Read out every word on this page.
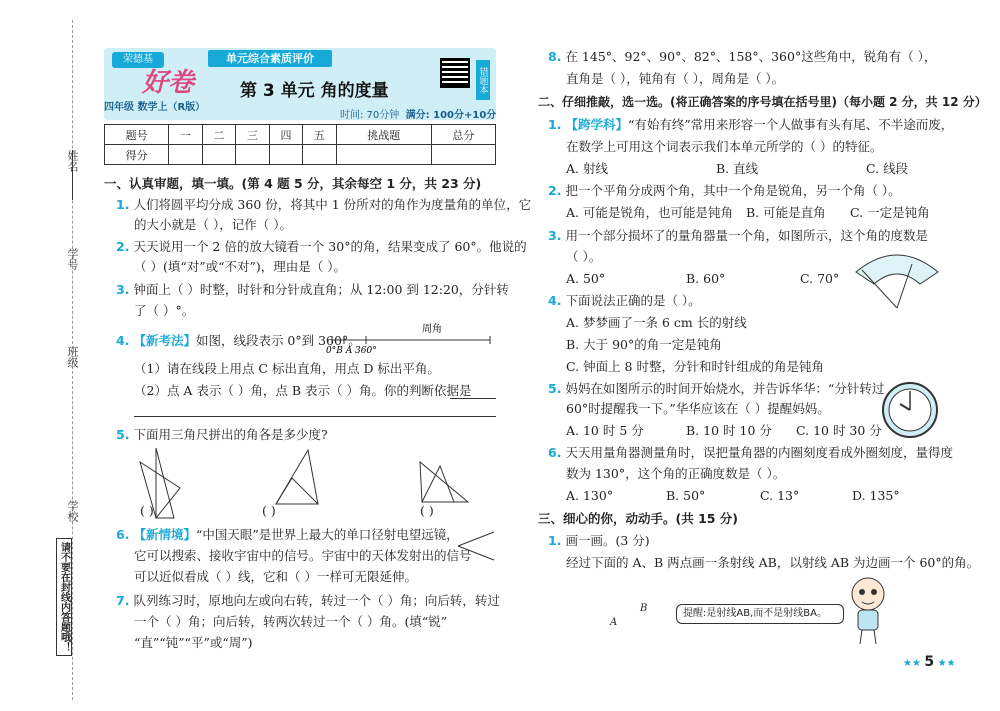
姓名
学号
班级
学校
请不要在封线内答题哦！
荣德基
好卷
四年级 数学上（R版）
单元综合素质评价
第 3 单元 角的度量
时间: 70分钟 满分: 100分+10分
错题本
题号	一	二	三	四	五	挑战题	总分
得分							
一、认真审题，填一填。(第 4 题 5 分，其余每空 1 分，共 23 分)
1. 人们将圆平均分成 360 份，将其中 1 份所对的角作为度量角的单位，它
的大小就是（ ），记作（ ）。
2. 天天说用一个 2 倍的放大镜看一个 30°的角，结果变成了 60°。他说的
（ ）(填“对”或“不对”)，理由是（ ）。
3. 钟面上（ ）时整，时针和分针成直角；从 12:00 到 12:20，分针转
了（ ）°。
4. 【新考法】如图，线段表示 0°到 360°。
周角
0°B A 360°
（1）请在线段上用点 C 标出直角，用点 D 标出平角。
（2）点 A 表示（ ）角，点 B 表示（ ）角。你的判断依据是
5. 下面用三角尺拼出的角各是多少度?
( )	( )	( )
6. 【新情境】“中国天眼”是世界上最大的单口径射电望远镜，
它可以搜索、接收宇宙中的信号。宇宙中的天体发射出的信号
可以近似看成（ ）线，它和（ ）一样可无限延伸。
7. 队列练习时，原地向左或向右转，转过一个（ ）角；向后转，转过
一个（ ）角；向后转，转两次转过一个（ ）角。(填“锐”
“直”“钝”“平”或“周”)
8. 在 145°、92°、90°、82°、158°、360°这些角中，锐角有（ ），
直角是（ ），钝角有（ ），周角是（ ）。
二、仔细推敲，选一选。(将正确答案的序号填在括号里)（每小题 2 分，共 12 分）
1. 【跨学科】“有始有终”常用来形容一个人做事有头有尾、不半途而废，
在数学上可用这个词表示我们本单元所学的（ ）的特征。
A. 射线	B. 直线	C. 线段
2. 把一个平角分成两个角，其中一个角是锐角，另一个角（ ）。
A. 可能是锐角，也可能是钝角 B. 可能是直角 C. 一定是钝角
3. 用一个部分损坏了的量角器量一个角，如图所示，这个角的度数是
（ ）。
A. 50°	B. 60°	C. 70°
4. 下面说法正确的是（ ）。
A. 梦梦画了一条 6 cm 长的射线
B. 大于 90°的角一定是钝角
C. 钟面上 8 时整，分针和时针组成的角是钝角
5. 妈妈在如图所示的时间开始烧水，并告诉华华：“分针转过
60°时提醒我一下。”华华应该在（ ）提醒妈妈。
A. 10 时 5 分	B. 10 时 10 分 C. 10 时 30 分
6. 天天用量角器测量角时，误把量角器的内圈刻度看成外圈刻度，量得度
数为 130°，这个角的正确度数是（ ）。
A. 130°	B. 50°	C. 13°	D. 135°
三、细心的你，动动手。(共 15 分)
1. 画一画。(3 分)
经过下面的 A、B 两点画一条射线 AB，以射线 AB 为边画一个 60°的角。
B
A
提醒:是射线AB,而不是射线BA。
★★ 5 ★★
